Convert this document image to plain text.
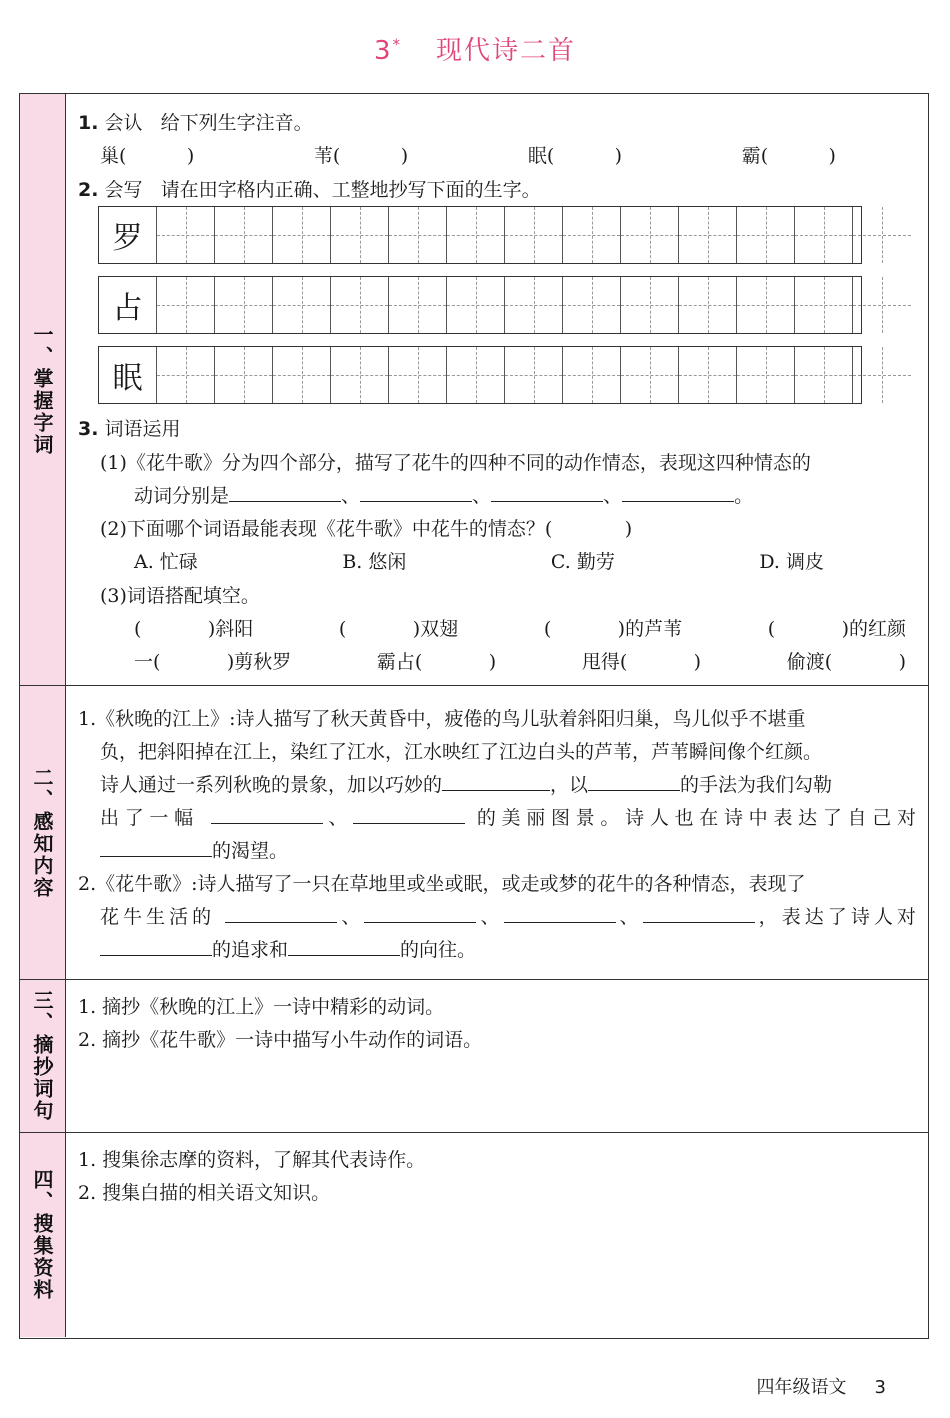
3* 现代诗二首
一、掌握字词
1. 会认 给下列生字注音。
巢(          )	苇(          )	眠(          )	霸(          )
2. 会写 请在田字格内正确、工整地抄写下面的生字。
罗
占
眠
3. 词语运用
(1)《花牛歌》分为四个部分，描写了花牛的四种不同的动作情态，表现这四种情态的
动词分别是	、	、	、	。
(2)下面哪个词语最能表现《花牛歌》中花牛的情态？(            )
A. 忙碌	B. 悠闲	C. 勤劳	D. 调皮
(3)词语搭配填空。
(           )斜阳	(           )双翅	(           )的芦苇	(           )的红颜
一(	)剪秋罗	霸占(           )	甩得(           )	偷渡(           )
二、感知内容
1.《秋晚的江上》:诗人描写了秋天黄昏中，疲倦的鸟儿驮着斜阳归巢，鸟儿似乎不堪重
负，把斜阳掉在江上，染红了江水，江水映红了江边白头的芦苇，芦苇瞬间像个红颜。
诗人通过一系列秋晚的景象，加以巧妙的	，以	的手法为我们勾勒
出了一幅	、	的美丽图景。诗人也在诗中表达了自己对
的渴望。
2.《花牛歌》:诗人描写了一只在草地里或坐或眠，或走或梦的花牛的各种情态，表现了
花牛生活的	、	、	、	，表达了诗人对
的追求和	的向往。
三、摘抄词句 1. 摘抄《秋晚的江上》一诗中精彩的动词。
2. 摘抄《花牛歌》一诗中描写小牛动作的词语。
四、搜集资料
1. 搜集徐志摩的资料，了解其代表诗作。
2. 搜集白描的相关语文知识。
四年级语文 3
